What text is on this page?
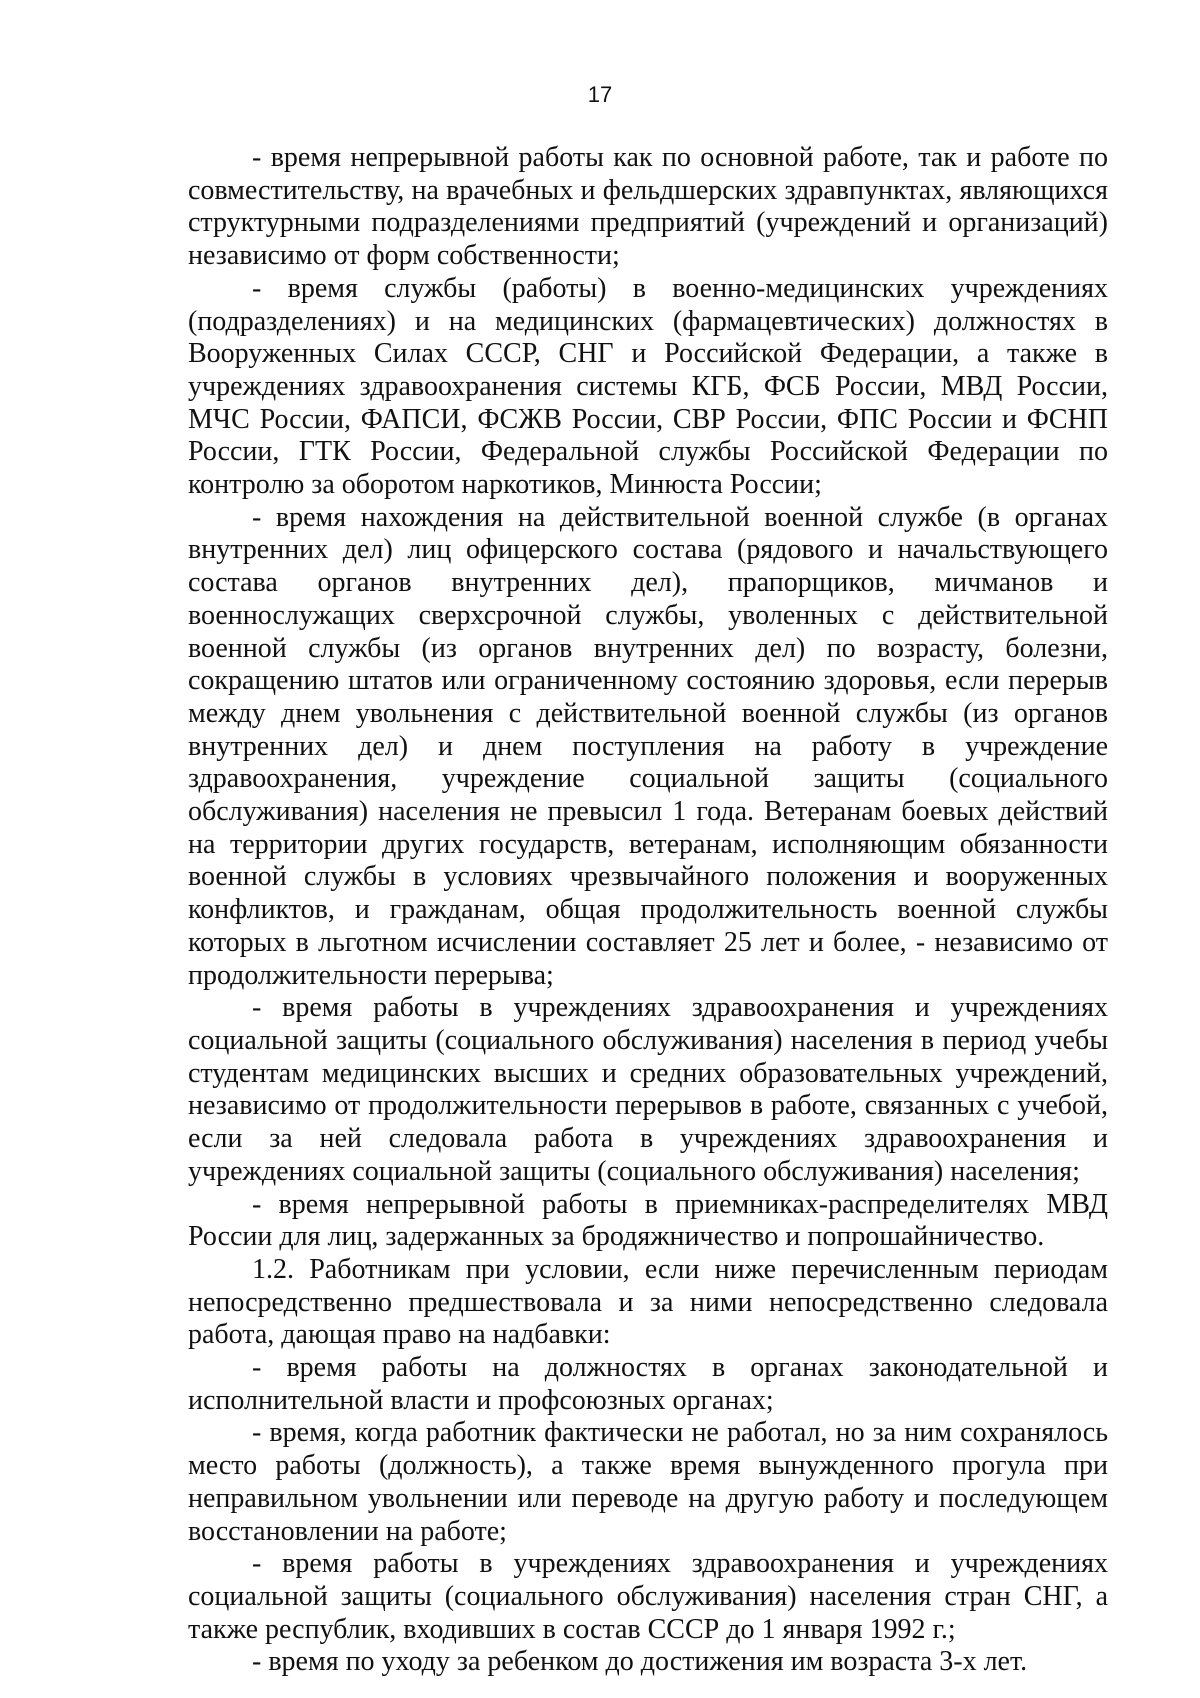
17

- время непрерывной работы как по основной работе, так и работе по совместительству, на врачебных и фельдшерских здравпунктах, являющихся структурными подразделениями предприятий (учреждений и организаций) независимо от форм собственности;

- время службы (работы) в военно-медицинских учреждениях (подразделениях) и на медицинских (фармацевтических) должностях в Вооруженных Силах СССР, СНГ и Российской Федерации, а также в учреждениях здравоохранения системы КГБ, ФСБ России, МВД России, МЧС России, ФАПСИ, ФСЖВ России, СВР России, ФПС России и ФСНП России, ГТК России, Федеральной службы Российской Федерации по контролю за оборотом наркотиков, Минюста России;

- время нахождения на действительной военной службе (в органах внутренних дел) лиц офицерского состава (рядового и начальствующего состава органов внутренних дел), прапорщиков, мичманов и военнослужащих сверхсрочной службы, уволенных с действительной военной службы (из органов внутренних дел) по возрасту, болезни, сокращению штатов или ограниченному состоянию здоровья, если перерыв между днем увольнения с действительной военной службы (из органов внутренних дел) и днем поступления на работу в учреждение здравоохранения, учреждение социальной защиты (социального обслуживания) населения не превысил 1 года. Ветеранам боевых действий на территории других государств, ветеранам, исполняющим обязанности военной службы в условиях чрезвычайного положения и вооруженных конфликтов, и гражданам, общая продолжительность военной службы которых в льготном исчислении составляет 25 лет и более, - независимо от продолжительности перерыва;

- время работы в учреждениях здравоохранения и учреждениях социальной защиты (социального обслуживания) населения в период учебы студентам медицинских высших и средних образовательных учреждений, независимо от продолжительности перерывов в работе, связанных с учебой, если за ней следовала работа в учреждениях здравоохранения и учреждениях социальной защиты (социального обслуживания) населения;

- время непрерывной работы в приемниках-распределителях МВД России для лиц, задержанных за бродяжничество и попрошайничество.

1.2. Работникам при условии, если ниже перечисленным периодам непосредственно предшествовала и за ними непосредственно следовала работа, дающая право на надбавки:

- время работы на должностях в органах законодательной и исполнительной власти и профсоюзных органах;

- время, когда работник фактически не работал, но за ним сохранялось место работы (должность), а также время вынужденного прогула при неправильном увольнении или переводе на другую работу и последующем восстановлении на работе;

- время работы в учреждениях здравоохранения и учреждениях социальной защиты (социального обслуживания) населения стран СНГ, а также республик, входивших в состав СССР до 1 января 1992 г.;

- время по уходу за ребенком до достижения им возраста 3-х лет.
